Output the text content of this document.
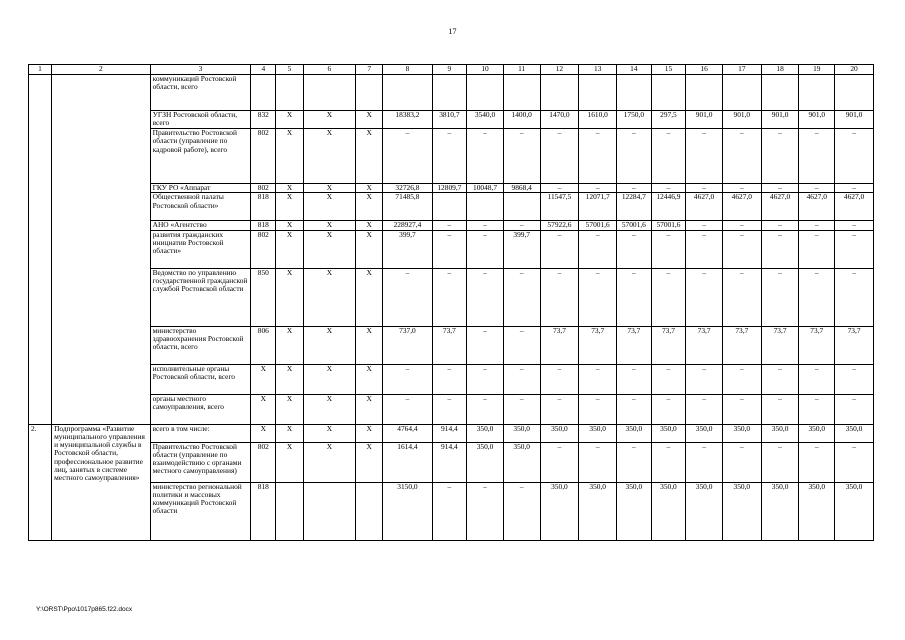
17
1	2	3	4	5	6	7	8	9	10	11	12	13	14	15	16	17	18	19	20
		коммуникаций Ростовской области, всего																	
		УГЗН Ростовской области, всего	832	X	X	X	18383,2	3810,7	3540,0	1400,0	1470,0	1610,0	1750,0	297,5	901,0	901,0	901,0	901,0	901,0
		Правительство Ростовской области (управление по кадровой работе), всего	802	X	X	X	–	–	–	–	–	–	–	–	–	–	–	–	–
		ГКУ РО «Аппарат	802	X	X	X	32726,8	12809,7	10048,7	9868,4	–	–	–	–	–	–	–	–	–
		Общественной палаты Ростовской области»	818	X	X	X	71485,8				11547,5	12071,7	12284,7	12446,9	4627,0	4627,0	4627,0	4627,0	4627,0
		АНО «Агентство	818	X	X	X	228927,4	–	–	–	57922,6	57001,6	57001,6	57001,6	–	–	–	–	–
		развития гражданских инициатив Ростовской области»	802	X	X	X	399,7	–	–	399,7	–	–	–	–	–	–	–	–	–
		Ведомство по управлению государственной гражданской службой Ростовской области	850	X	X	X	–	–	–	–	–	–	–	–	–	–	–	–	–
		министерство здравоохранения Ростовской области, всего	806	X	X	X	737,0	73,7	–	–	73,7	73,7	73,7	73,7	73,7	73,7	73,7	73,7	73,7
		исполнительные органы Ростовской области, всего	X	X	X	X	–	–	–	–	–	–	–	–	–	–	–	–	–
		органы местного самоуправления, всего	X	X	X	X	–	–	–	–	–	–	–	–	–	–	–	–	–
2.	Подпрограмма «Развитие муниципального управления и муниципальной службы в Ростовской области, профессиональное развитие лиц, занятых в системе местного самоуправления»	всего в том числе:	X	X	X	X	4764,4	914,4	350,0	350,0	350,0	350,0	350,0	350,0	350,0	350,0	350,0	350,0	350,0
		Правительство Ростовской области (управление по взаимодействию с органами местного самоуправления)	802	X	X	X	1614,4	914,4	350,0	350,0	–	–	–	–	–	–	–	–	–
		министерство региональной политики и массовых коммуникаций Ростовской области	818				3150,0	–	–	–	350,0	350,0	350,0	350,0	350,0	350,0	350,0	350,0	350,0
Y:\ORST\Ppo\1017p865.f22.docx
